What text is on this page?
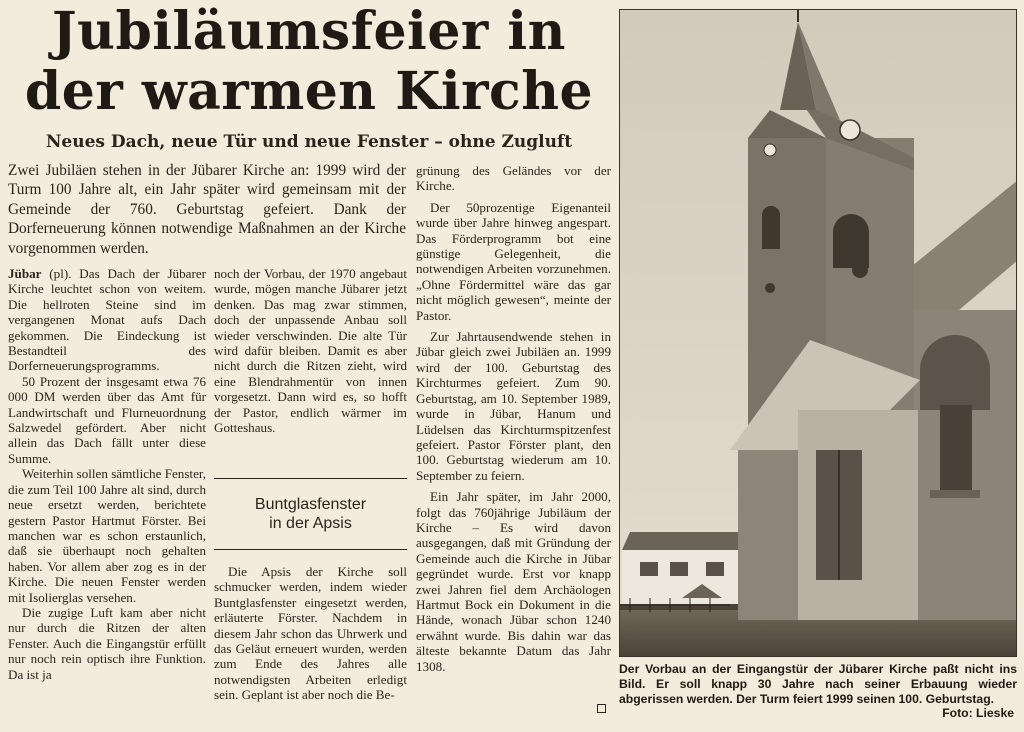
Jubiläumsfeier in
der warmen Kirche
Neues Dach, neue Tür und neue Fenster – ohne Zugluft
Zwei Jubiläen stehen in der Jübarer Kirche an: 1999 wird der Turm 100 Jahre alt, ein Jahr später wird gemeinsam mit der Gemeinde der 760. Geburtstag gefeiert. Dank der Dorferneuerung können notwendige Maßnahmen an der Kirche vorgenommen werden.

Jübar (pl). Das Dach der Jübarer Kirche leuchtet schon von weitem. Die hellroten Steine sind im vergangenen Monat aufs Dach gekommen. Die Eindeckung ist Bestandteil des Dorferneuerungsprogramms.

50 Prozent der insgesamt etwa 76 000 DM werden über das Amt für Landwirtschaft und Flurneuordnung Salzwedel gefördert. Aber nicht allein das Dach fällt unter diese Summe.

Weiterhin sollen sämtliche Fenster, die zum Teil 100 Jahre alt sind, durch neue ersetzt werden, berichtete gestern Pastor Hartmut Förster. Bei manchen war es schon erstaunlich, daß sie überhaupt noch gehalten haben. Vor allem aber zog es in der Kirche. Die neuen Fenster werden mit Isolierglas versehen.

Die zugige Luft kam aber nicht nur durch die Ritzen der alten Fenster. Auch die Eingangstür erfüllt nur noch rein optisch ihre Funktion. Da ist ja

noch der Vorbau, der 1970 angebaut wurde, mögen manche Jübarer jetzt denken. Das mag zwar stimmen, doch der unpassende Anbau soll wieder verschwinden. Die alte Tür wird dafür bleiben. Damit es aber nicht durch die Ritzen zieht, wird eine Blendrahmentür von innen vorgesetzt. Dann wird es, so hofft der Pastor, endlich wärmer im Gotteshaus.

Buntglasfenster
in der Apsis

Die Apsis der Kirche soll schmucker werden, indem wieder Buntglasfenster eingesetzt werden, erläuterte Förster. Nachdem in diesem Jahr schon das Uhrwerk und das Geläut erneuert wurden, werden zum Ende des Jahres alle notwendigsten Arbeiten erledigt sein. Geplant ist aber noch die Be-

grünung des Geländes vor der Kirche.

Der 50prozentige Eigenanteil wurde über Jahre hinweg angespart. Das Förderprogramm bot eine günstige Gelegenheit, die notwendigen Arbeiten vorzunehmen. „Ohne Fördermittel wäre das gar nicht möglich gewesen“, meinte der Pastor.

Zur Jahrtausendwende stehen in Jübar gleich zwei Jubiläen an. 1999 wird der 100. Geburtstag des Kirchturmes gefeiert. Zum 90. Geburtstag, am 10. September 1989, wurde in Jübar, Hanum und Lüdelsen das Kirchturmspitzenfest gefeiert. Pastor Förster plant, den 100. Geburtstag wiederum am 10. September zu feiern.

Ein Jahr später, im Jahr 2000, folgt das 760jährige Jubiläum der Kirche – Es wird davon ausgegangen, daß mit Gründung der Gemeinde auch die Kirche in Jübar gegründet wurde. Erst vor knapp zwei Jahren fiel dem Archäologen Hartmut Bock ein Dokument in die Hände, wonach Jübar schon 1240 erwähnt wurde. Bis dahin war das älteste bekannte Datum das Jahr 1308.	Der Vorbau an der Eingangstür der Jübarer Kirche paßt nicht ins Bild. Er soll knapp 30 Jahre nach seiner Erbauung wieder abgerissen werden. Der Turm feiert 1999 seinen 100. Geburtstag.
Foto: Lieske
